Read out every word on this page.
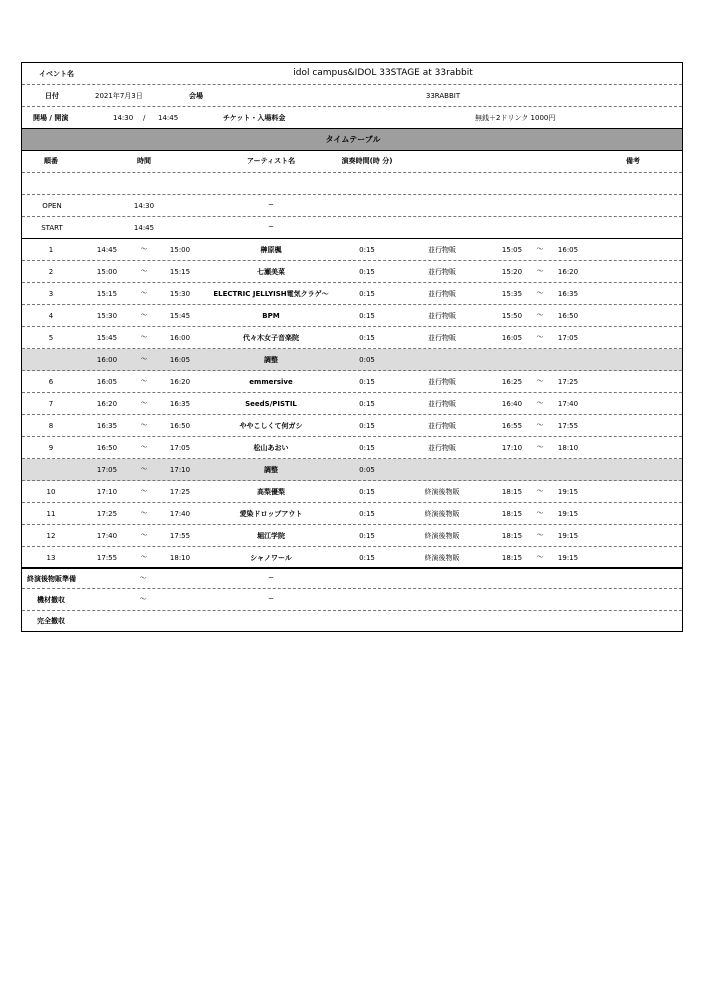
イベント名	idol campus&IDOL 33STAGE at 33rabbit
日付	2021年7月3日	会場	33RABBIT
開場 / 開演	14:30 / 14:45	チケット・入場料金	無銭＋2ドリンク 1000円
タイムテーブル
順番	時間	アーティスト名	演奏時間(時 分)	備考
OPEN	14:30	─
START	14:45	─
1	14:45	〜	15:00	榊原楓	0:15	並行物販	15:05 〜 16:05
2	15:00	〜	15:15	七瀬美菜	0:15	並行物販	15:20 〜 16:20
3	15:15	〜	15:30	ELECTRIC JELLYISH電気クラゲ〜	0:15	並行物販	15:35 〜 16:35
4	15:30	〜	15:45	BPM	0:15	並行物販	15:50 〜 16:50
5	15:45	〜	16:00	代々木女子音楽院	0:15	並行物販	16:05 〜 17:05
16:00	〜	16:05	調整	0:05
6	16:05	〜	16:20	emmersive	0:15	並行物販	16:25 〜 17:25
7	16:20	〜	16:35	SeedS/PISTIL	0:15	並行物販	16:40 〜 17:40
8	16:35	〜	16:50	ややこしくて何ガシ	0:15	並行物販	16:55 〜 17:55
9	16:50	〜	17:05	松山あおい	0:15	並行物販	17:10 〜 18:10
17:05	〜	17:10	調整	0:05
10	17:10	〜	17:25	高梨優梨	0:15	終演後物販	18:15 〜 19:15
11	17:25	〜	17:40	愛染ドロップアウト	0:15	終演後物販	18:15 〜 19:15
12	17:40	〜	17:55	堀江学院	0:15	終演後物販	18:15 〜 19:15
13	17:55	〜	18:10	シャノワール	0:15	終演後物販	18:15 〜 19:15
終演後物販準備	〜	─
機材撤収	〜	─
完全撤収
